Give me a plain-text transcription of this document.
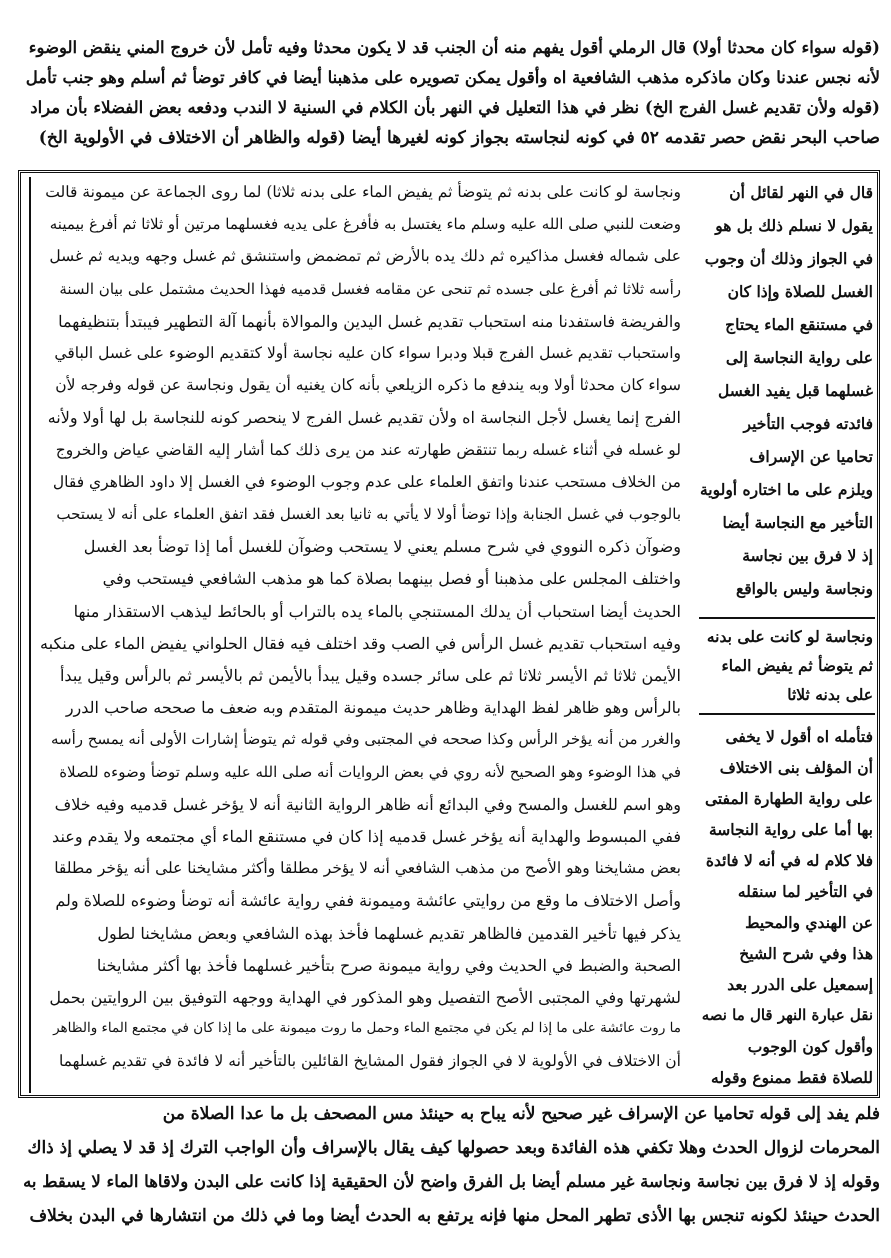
(قوله سواء كان محدثا أولا) قال الرملي أقول يفهم منه أن الجنب قد لا يكون محدثا وفيه تأمل لأن خروج المني ينقض الوضوء
لأنه نجس عندنا وكان ماذكره مذهب الشافعية اه وأقول يمكن تصويره على مذهبنا أيضا في كافر توضأ ثم أسلم وهو جنب تأمل
(قوله ولأن تقديم غسل الفرج الخ) نظر في هذا التعليل في النهر بأن الكلام في السنية لا الندب ودفعه بعض الفضلاء بأن مراد
صاحب البحر نقض حصر تقدمه ٥٢ في كونه لنجاسته بجواز كونه لغيرها أيضا (قوله والظاهر أن الاختلاف في الأولوية الخ)
ونجاسة لو كانت على بدنه ثم يتوضأ ثم يفيض الماء على بدنه ثلاثا) لما روى الجماعة عن ميمونة قالت
وضعت للنبي صلى الله عليه وسلم ماء يغتسل به فأفرغ على يديه فغسلهما مرتين أو ثلاثا ثم أفرغ بيمينه
على شماله فغسل مذاكيره ثم دلك يده بالأرض ثم تمضمض واستنشق ثم غسل وجهه ويديه ثم غسل
رأسه ثلاثا ثم أفرغ على جسده ثم تنحى عن مقامه فغسل قدميه فهذا الحديث مشتمل على بيان السنة
والفريضة فاستفدنا منه استحباب تقديم غسل اليدين والموالاة بأنهما آلة التطهير فيبتدأ بتنظيفهما
واستحباب تقديم غسل الفرج قبلا ودبرا سواء كان عليه نجاسة أولا كتقديم الوضوء على غسل الباقي
سواء كان محدثا أولا وبه يندفع ما ذكره الزيلعي بأنه كان يغنيه أن يقول ونجاسة عن قوله وفرجه لأن
الفرج إنما يغسل لأجل النجاسة اه ولأن تقديم غسل الفرج لا ينحصر كونه للنجاسة بل لها أولا ولأنه
لو غسله في أثناء غسله ربما تنتقض طهارته عند من يرى ذلك كما أشار إليه القاضي عياض والخروج
من الخلاف مستحب عندنا واتفق العلماء على عدم وجوب الوضوء في الغسل إلا داود الظاهري فقال
بالوجوب في غسل الجنابة وإذا توضأ أولا لا يأتي به ثانيا بعد الغسل فقد اتفق العلماء على أنه لا يستحب
وضوآن ذكره النووي في شرح مسلم يعني لا يستحب وضوآن للغسل أما إذا توضأ بعد الغسل
واختلف المجلس على مذهبنا أو فصل بينهما بصلاة كما هو مذهب الشافعي فيستحب وفي
الحديث أيضا استحباب أن يدلك المستنجي بالماء يده بالتراب أو بالحائط ليذهب الاستقذار منها
وفيه استحباب تقديم غسل الرأس في الصب وقد اختلف فيه فقال الحلواني يفيض الماء على منكبه
الأيمن ثلاثا ثم الأيسر ثلاثا ثم على سائر جسده وقيل يبدأ بالأيمن ثم بالأيسر ثم بالرأس وقيل يبدأ
بالرأس وهو ظاهر لفظ الهداية وظاهر حديث ميمونة المتقدم وبه ضعف ما صححه صاحب الدرر
والغرر من أنه يؤخر الرأس وكذا صححه في المجتبى وفي قوله ثم يتوضأ إشارات الأولى أنه يمسح رأسه
في هذا الوضوء وهو الصحيح لأنه روي في بعض الروايات أنه صلى الله عليه وسلم توضأ وضوءه للصلاة
وهو اسم للغسل والمسح وفي البدائع أنه ظاهر الرواية الثانية أنه لا يؤخر غسل قدميه وفيه خلاف
ففي المبسوط والهداية أنه يؤخر غسل قدميه إذا كان في مستنقع الماء أي مجتمعه ولا يقدم وعند
بعض مشايخنا وهو الأصح من مذهب الشافعي أنه لا يؤخر مطلقا وأكثر مشايخنا على أنه يؤخر مطلقا
وأصل الاختلاف ما وقع من روايتي عائشة وميمونة ففي رواية عائشة أنه توضأ وضوءه للصلاة ولم
يذكر فيها تأخير القدمين فالظاهر تقديم غسلهما فأخذ بهذه الشافعي وبعض مشايخنا لطول
الصحبة والضبط في الحديث وفي رواية ميمونة صرح بتأخير غسلهما فأخذ بها أكثر مشايخنا
لشهرتها وفي المجتبى الأصح التفصيل وهو المذكور في الهداية ووجهه التوفيق بين الروايتين بحمل
ما روت عائشة على ما إذا لم يكن في مجتمع الماء وحمل ما روت ميمونة على ما إذا كان في مجتمع الماء والظاهر
أن الاختلاف في الأولوية لا في الجواز فقول المشايخ القائلين بالتأخير أنه لا فائدة في تقديم غسلهما
قال في النهر لقائل أن
يقول لا نسلم ذلك بل هو
في الجواز وذلك أن وجوب
الغسل للصلاة وإذا كان
في مستنقع الماء يحتاج
على رواية النجاسة إلى
غسلهما قبل يفيد الغسل
فائدته فوجب التأخير
تحاميا عن الإسراف
ويلزم على ما اختاره أولوية
التأخير مع النجاسة أيضا
إذ لا فرق بين نجاسة
ونجاسة وليس بالواقع
ونجاسة لو كانت على بدنه
ثم يتوضأ ثم يفيض الماء
على بدنه ثلاثا
فتأمله اه أقول لا يخفى
أن المؤلف بنى الاختلاف
على رواية الطهارة المفتى
بها أما على رواية النجاسة
فلا كلام له في أنه لا فائدة
في التأخير لما سنقله
عن الهندي والمحيط
هذا وفي شرح الشيخ
إسمعيل على الدرر بعد
نقل عبارة النهر قال ما نصه
وأقول كون الوجوب
للصلاة فقط ممنوع وقوله
فلم يفد إلى قوله تحاميا عن الإسراف غير صحيح لأنه يباح به حينئذ مس المصحف بل ما عدا الصلاة من
المحرمات لزوال الحدث وهلا تكفي هذه الفائدة وبعد حصولها كيف يقال بالإسراف وأن الواجب الترك إذ قد لا يصلي إذ ذاك
وقوله إذ لا فرق بين نجاسة ونجاسة غير مسلم أيضا بل الفرق واضح لأن الحقيقية إذا كانت على البدن ولاقاها الماء لا يسقط به
الحدث حينئذ لكونه تنجس بها الأذى تطهر المحل منها فإنه يرتفع به الحدث أيضا وما في ذلك من انتشارها في البدن بخلاف
